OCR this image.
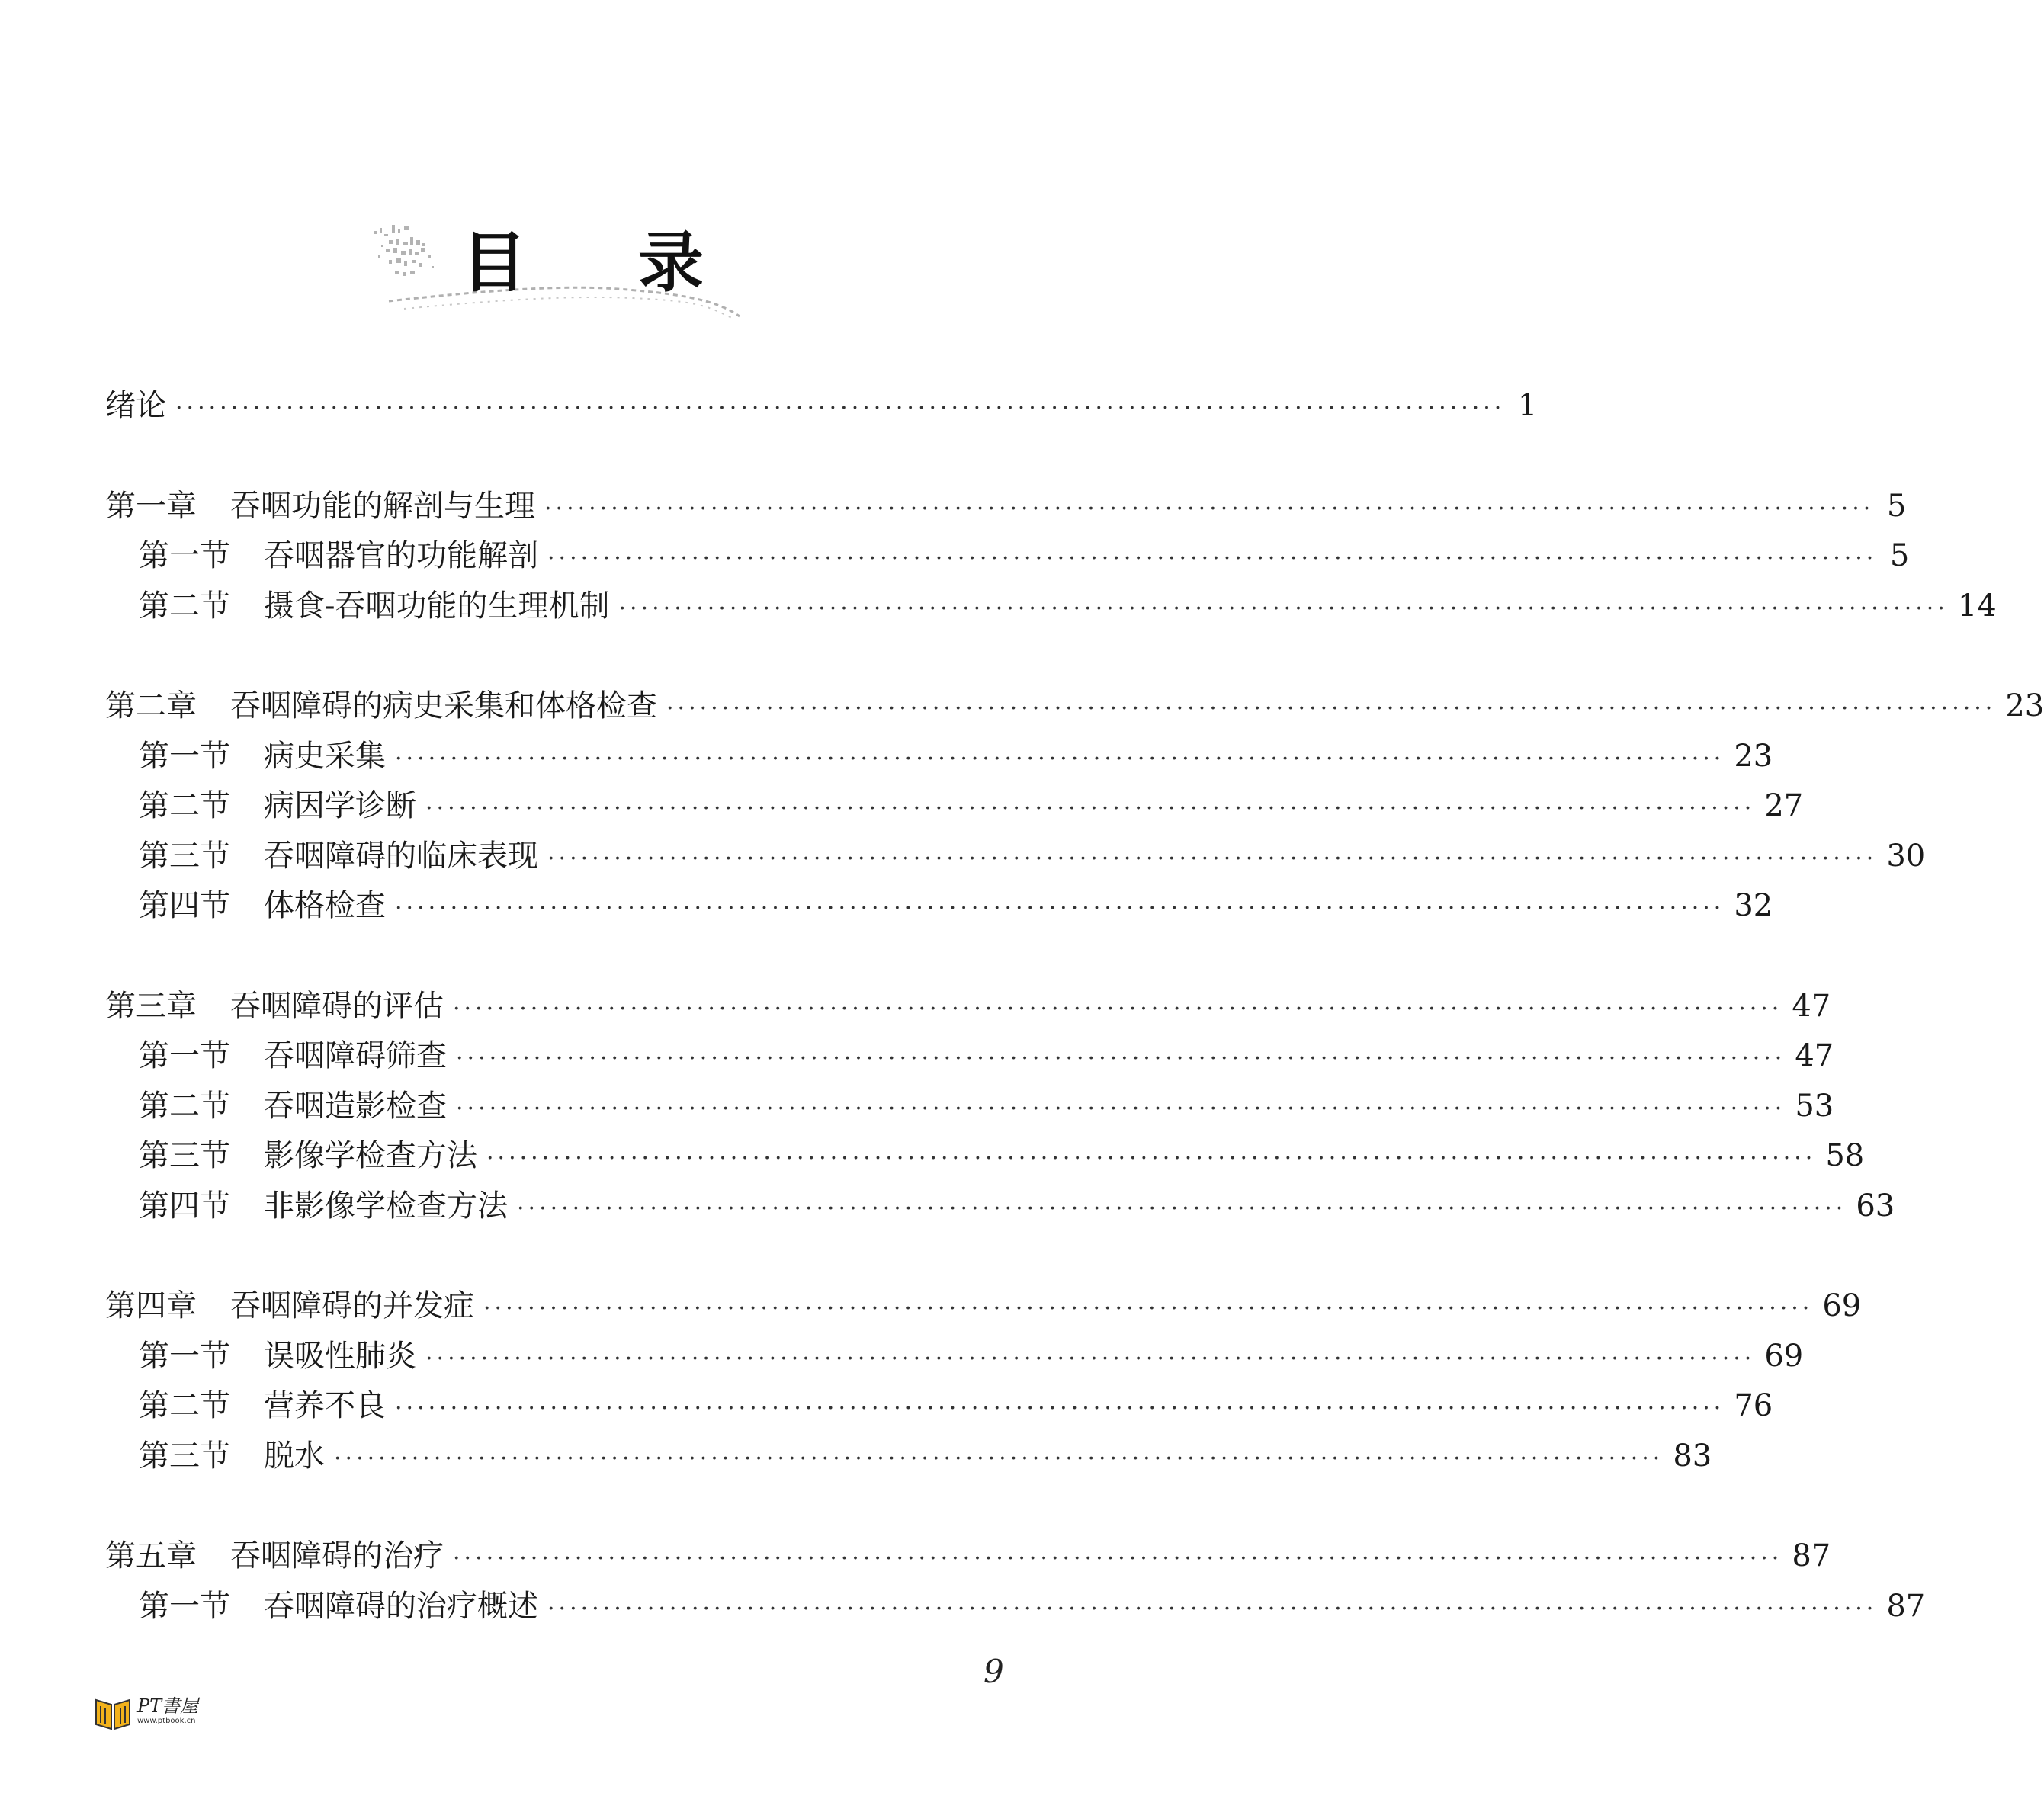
目 录
绪论 ························································································································ 1
第一章 吞咽功能的解剖与生理 ························································································································ 5
第一节 吞咽器官的功能解剖 ························································································································ 5
第二节 摄食-吞咽功能的生理机制 ························································································································ 14
第二章 吞咽障碍的病史采集和体格检查 ························································································································ 23
第一节 病史采集 ························································································································ 23
第二节 病因学诊断 ························································································································ 27
第三节 吞咽障碍的临床表现 ························································································································ 30
第四节 体格检查 ························································································································ 32
第三章 吞咽障碍的评估 ························································································································ 47
第一节 吞咽障碍筛查 ························································································································ 47
第二节 吞咽造影检查 ························································································································ 53
第三节 影像学检查方法 ························································································································ 58
第四节 非影像学检查方法 ························································································································ 63
第四章 吞咽障碍的并发症 ························································································································ 69
第一节 误吸性肺炎 ························································································································ 69
第二节 营养不良 ························································································································ 76
第三节 脱水 ························································································································ 83
第五章 吞咽障碍的治疗 ························································································································ 87
第一节 吞咽障碍的治疗概述 ························································································································ 87
9
PT書屋
www.ptbook.cn
